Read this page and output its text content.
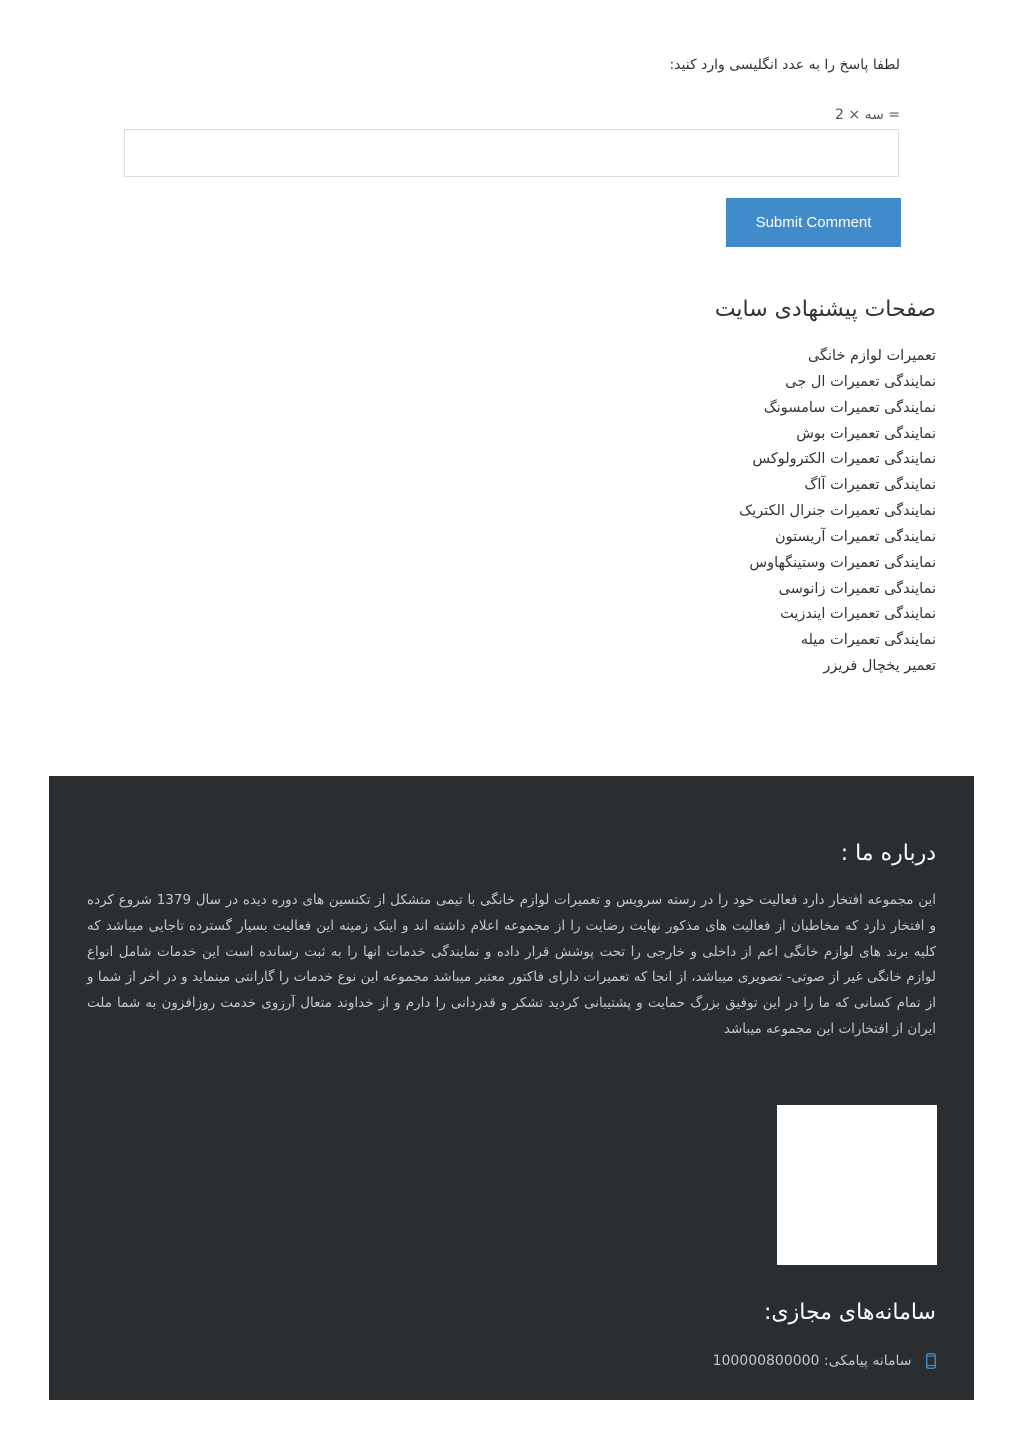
لطفا پاسخ را به عدد انگلیسی وارد کنید:
2 × سه =
Submit Comment
صفحات پیشنهادی سایت
تعمیرات لوازم خانگی
نمایندگی تعمیرات ال جی
نمایندگی تعمیرات سامسونگ
نمایندگی تعمیرات بوش
نمایندگی تعمیرات الکترولوکس
نمایندگی تعمیرات آاگ
نمایندگی تعمیرات جنرال الکتریک
نمایندگی تعمیرات آریستون
نمایندگی تعمیرات وستینگهاوس
نمایندگی تعمیرات زانوسی
نمایندگی تعمیرات ایندزیت
نمایندگی تعمیرات میله
تعمیر یخچال فریزر
درباره ما :

این مجموعه افتخار دارد فعالیت خود را در رسته سرویس و تعمیرات لوازم خانگی با تیمی متشکل از تکنسین های دوره دیده در سال 1379 شروع کرده و افتخار دارد که مخاطبان از فعالیت های مذکور نهایت رضایت را از مجموعه اعلام داشته اند و اینک زمینه این فعالیت بسیار گسترده تاجایی میباشد که کلیه برند های لوازم خانگی اعم از داخلی و خارجی را تحت پوشش قرار داده و نمایندگی خدمات انها را به ثبت رسانده است این خدمات شامل انواع لوازم خانگی غیر از صوتی- تصویری میباشد، از انجا که تعمیرات دارای فاکتور معتبر میباشد مجموعه این نوع خدمات را گارانتی مینماید و در اخر از شما و از تمام کسانی که ما را در این توفیق بزرگ حمایت و پشتیبانی کردید تشکر و قدردانی را دارم و از خداوند متعال آرزوی خدمت روزافزون به شما ملت ایران از افتخارات این مجموعه میباشد

سامانه‌های مجازی:
سامانه پیامکی: 100000800000
